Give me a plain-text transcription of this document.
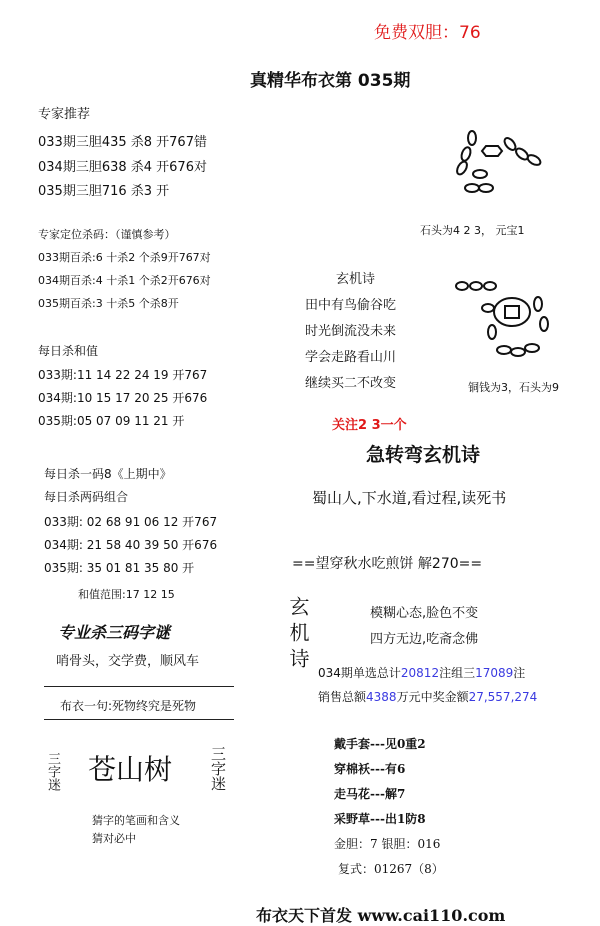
免费双胆：76
真精华布衣第 035期
专家推荐
033期三胆435 杀8 开767错
034期三胆638 杀4 开676对
035期三胆716 杀3 开
专家定位杀码：（谨慎参考）
033期百杀:6 十杀2 个杀9开767对
034期百杀:4 十杀1 个杀2开676对
035期百杀:3 十杀5 个杀8开
每日杀和值
033期:11 14 22 24 19 开767
034期:10 15 17 20 25 开676
035期:05 07 09 11 21 开
每日杀一码8《上期中》
每日杀两码组合
033期: 02 68 91 06 12 开767
034期: 21 58 40 39 50 开676
035期: 35 01 81 35 80 开
和值范围:17 12 15
专业杀三码字谜
哨骨头，交学费，顺风车
布衣一句:死物终究是死物
三字迷 苍山树 三字迷
猜字的笔画和含义
猜对必中
石头为4 2 3， 元宝1
玄机诗
田中有鸟偷谷吃
时光倒流没未来
学会走路看山川
继续买二不改变	铜钱为3，石头为9
关注2 3一个
急转弯玄机诗
蜀山人,下水道,看过程,读死书
==望穿秋水吃煎饼 解270==
玄机诗	模糊心态,脸色不变
四方无边,吃斋念佛
034期单选总计20812注组三17089注
销售总额4388万元中奖金额27,557,274
戴手套---见0重2
穿棉袄---有6
走马花---解7
采野草---出1防8
金胆：7 银胆：016
复式：01267（8）
布衣天下首发 www.cai110.com
